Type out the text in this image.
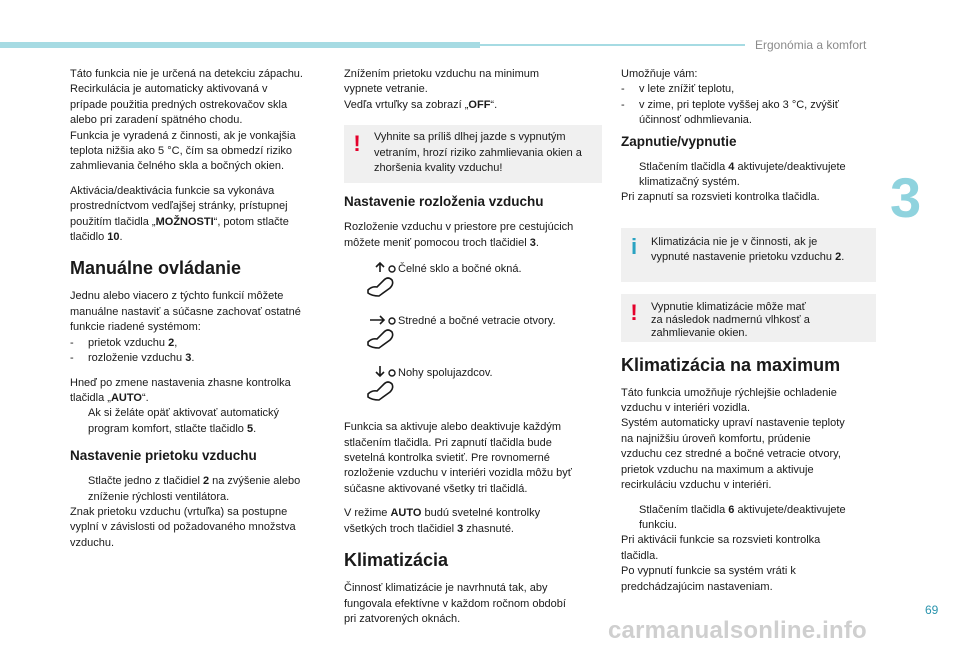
Ergonómia a komfort
3
69
carmanualsonline.info

Táto funkcia nie je určená na detekciu zápachu.
Recirkulácia je automaticky aktivovaná v
prípade použitia predných ostrekovačov skla
alebo pri zaradení spätného chodu.
Funkcia je vyradená z činnosti, ak je vonkajšia
teplota nižšia ako 5 °C, čím sa obmedzí riziko
zahmlievania čelného skla a bočných okien.

Aktivácia/deaktivácia funkcie sa vykonáva
prostredníctvom vedľajšej stránky, prístupnej
použitím tlačidla „MOŽNOSTI“, potom stlačte
tlačidlo 10.

Manuálne ovládanie

Jednu alebo viacero z týchto funkcií môžete
manuálne nastaviť a súčasne zachovať ostatné
funkcie riadené systémom:
- prietok vzduchu 2,
- rozloženie vzduchu 3.

Hneď po zmene nastavenia zhasne kontrolka
tlačidla „AUTO“.
Ak si želáte opäť aktivovať automatický
program komfort, stlačte tlačidlo 5.

Nastavenie prietoku vzduchu

Stlačte jedno z tlačidiel 2 na zvýšenie alebo
zníženie rýchlosti ventilátora.
Znak prietoku vzduchu (vrtuľka) sa postupne
vyplní v závislosti od požadovaného množstva
vzduchu.

Znížením prietoku vzduchu na minimum
vypnete vetranie.
Vedľa vrtuľky sa zobrazí „OFF“.

!	Vyhnite sa príliš dlhej jazde s vypnutým
vetraním, hrozí riziko zahmlievania okien a
zhoršenia kvality vzduchu!
Nastavenie rozloženia vzduchu

Rozloženie vzduchu v priestore pre cestujúcich
môžete meniť pomocou troch tlačidiel 3.

Čelné sklo a bočné okná.
Stredné a bočné vetracie otvory.
Nohy spolujazdcov.

Funkcia sa aktivuje alebo deaktivuje každým
stlačením tlačidla. Pri zapnutí tlačidla bude
svetelná kontrolka svietiť. Pre rovnomerné
rozloženie vzduchu v interiéri vozidla môžu byť
súčasne aktivované všetky tri tlačidlá.

V režime AUTO budú svetelné kontrolky
všetkých troch tlačidiel 3 zhasnuté.

Klimatizácia

Činnosť klimatizácie je navrhnutá tak, aby
fungovala efektívne v každom ročnom období
pri zatvorených oknách.

Umožňuje vám:
- v lete znížiť teplotu,
- v zime, pri teplote vyššej ako 3 °C, zvýšiť
účinnosť odhmlievania.

Zapnutie/vypnutie

Stlačením tlačidla 4 aktivujete/deaktivujete
klimatizačný systém.
Pri zapnutí sa rozsvieti kontrolka tlačidla.

i	Klimatizácia nie je v činnosti, ak je
vypnuté nastavenie prietoku vzduchu 2.
!	Vypnutie klimatizácie môže mať
za následok nadmernú vlhkosť a
zahmlievanie okien.
Klimatizácia na maximum

Táto funkcia umožňuje rýchlejšie ochladenie
vzduchu v interiéri vozidla.
Systém automaticky upraví nastavenie teploty
na najnižšiu úroveň komfortu, prúdenie
vzduchu cez stredné a bočné vetracie otvory,
prietok vzduchu na maximum a aktivuje
recirkuláciu vzduchu v interiéri.

Stlačením tlačidla 6 aktivujete/deaktivujete
funkciu.
Pri aktivácii funkcie sa rozsvieti kontrolka
tlačidla.
Po vypnutí funkcie sa systém vráti k
predchádzajúcim nastaveniam.
